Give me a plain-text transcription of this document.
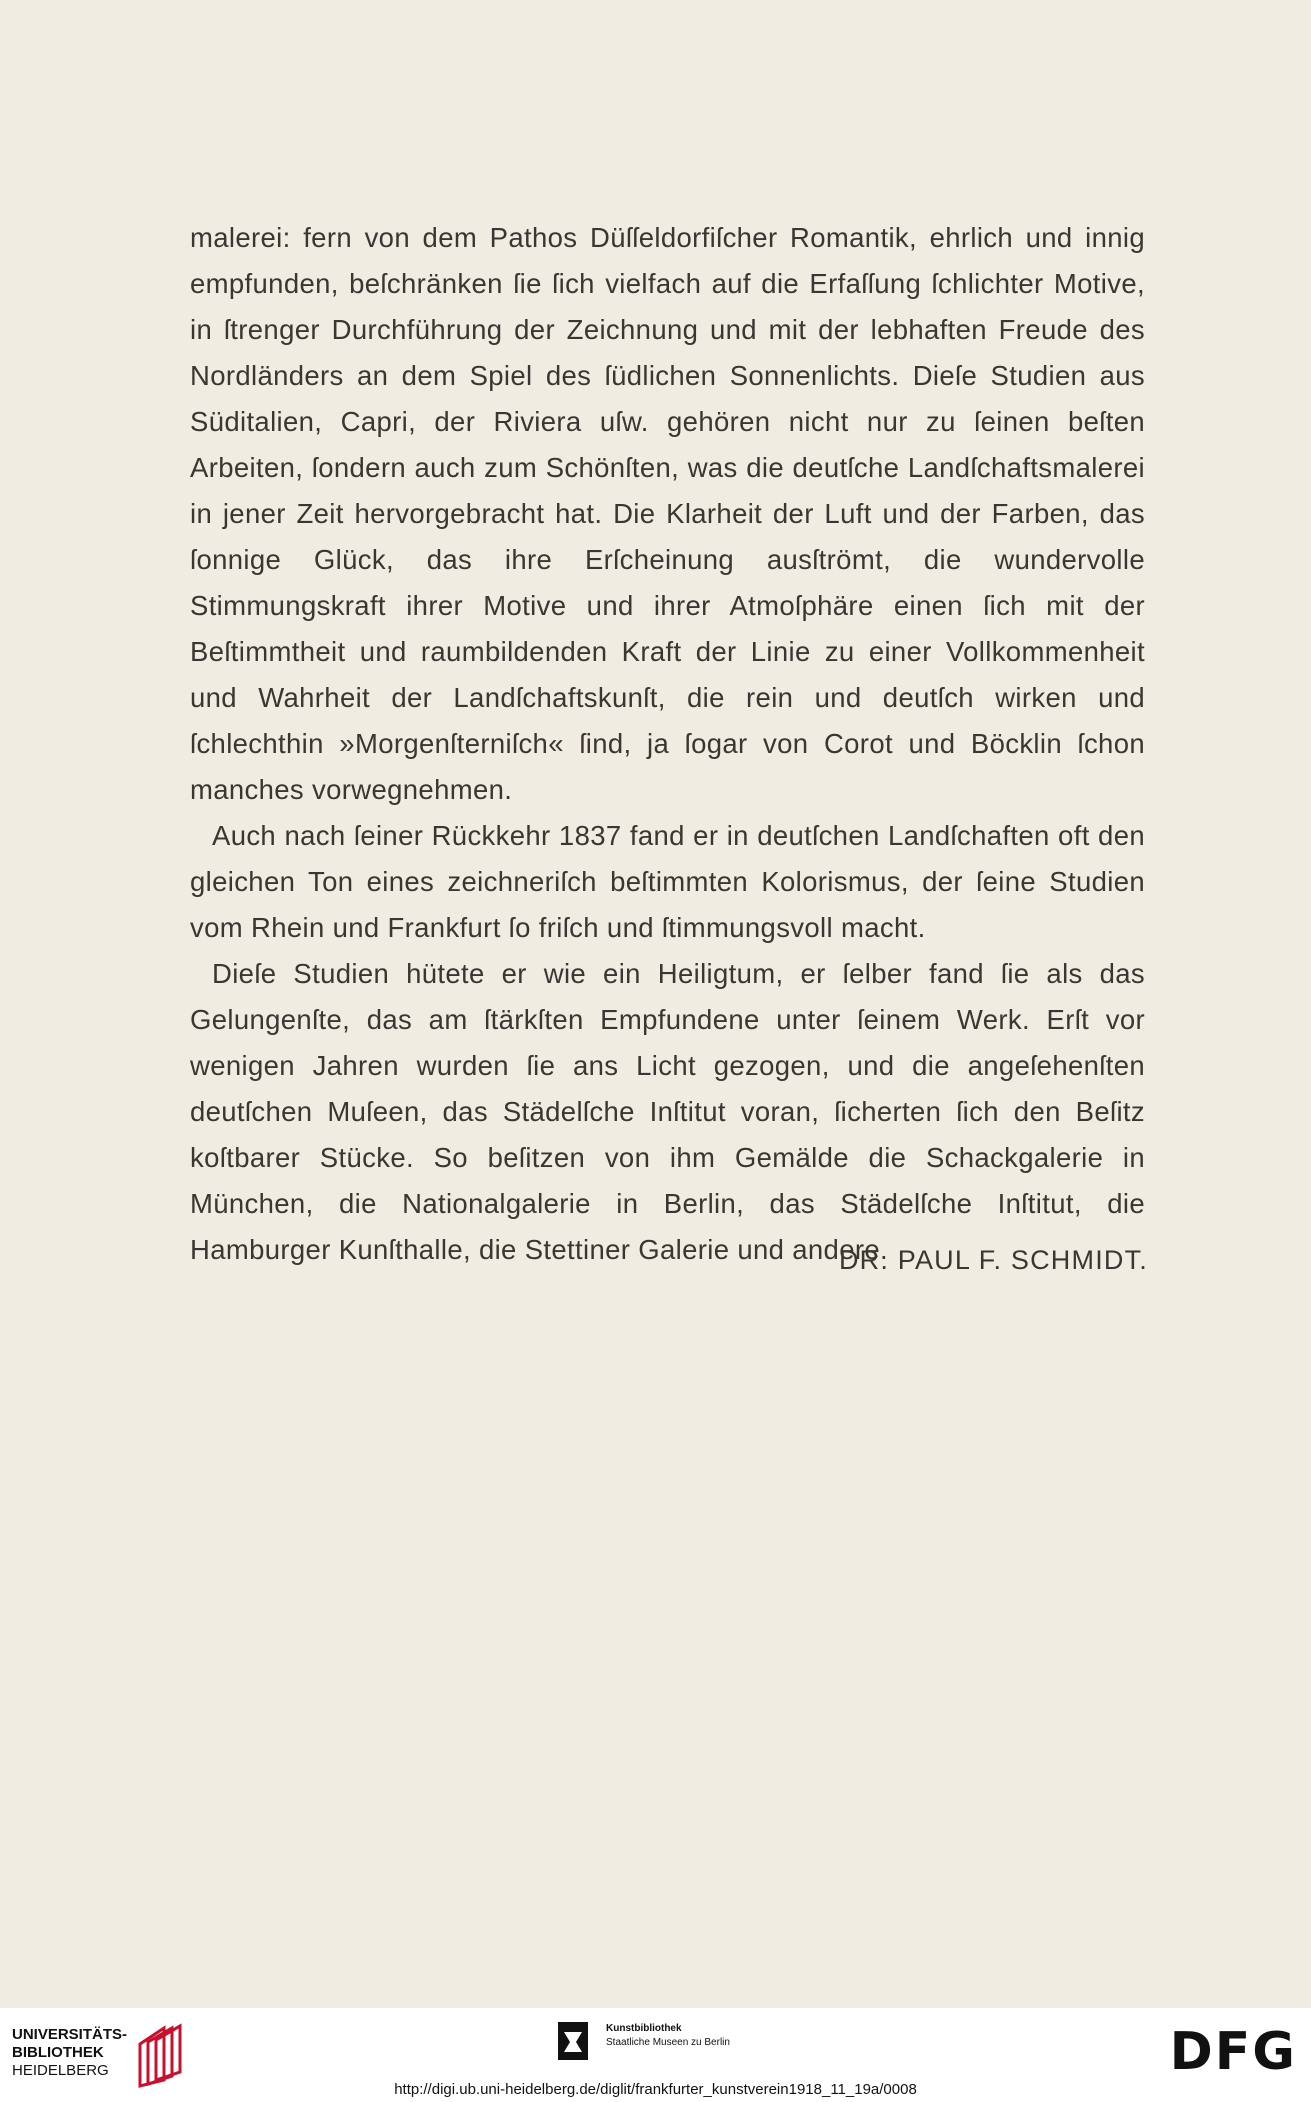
malerei: fern von dem Pathos Düſſeldorfiſcher Romantik, ehrlich und innig empfunden, beſchränken ſie ſich vielfach auf die Erfaſſung ſchlichter Motive, in ſtrenger Durchführung der Zeichnung und mit der lebhaften Freude des Nordländers an dem Spiel des ſüdlichen Sonnenlichts. Dieſe Studien aus Süditalien, Capri, der Riviera uſw. gehören nicht nur zu ſeinen beſten Arbeiten, ſondern auch zum Schönſten, was die deutſche Landſchaftsmalerei in jener Zeit hervorgebracht hat. Die Klarheit der Luft und der Farben, das ſonnige Glück, das ihre Erſcheinung ausſtrömt, die wundervolle Stimmungskraft ihrer Motive und ihrer Atmoſphäre einen ſich mit der Beſtimmtheit und raumbildenden Kraft der Linie zu einer Vollkommenheit und Wahrheit der Landſchaftskunſt, die rein und deutſch wirken und ſchlechthin »Morgenſterniſch« ſind, ja ſogar von Corot und Böcklin ſchon manches vorwegnehmen.

Auch nach ſeiner Rückkehr 1837 fand er in deutſchen Landſchaften oft den gleichen Ton eines zeichneriſch beſtimmten Kolorismus, der ſeine Studien vom Rhein und Frankfurt ſo friſch und ſtimmungsvoll macht.

Dieſe Studien hütete er wie ein Heiligtum, er ſelber fand ſie als das Gelungenſte, das am ſtärkſten Empfundene unter ſeinem Werk. Erſt vor wenigen Jahren wurden ſie ans Licht gezogen, und die angeſehenſten deutſchen Muſeen, das Städelſche Inſtitut voran, ſicherten ſich den Beſitz koſtbarer Stücke. So beſitzen von ihm Gemälde die Schackgalerie in München, die Nationalgalerie in Berlin, das Städelſche Inſtitut, die Hamburger Kunſthalle, die Stettiner Galerie und andere.

DR. PAUL F. SCHMIDT.
UNIVERSITÄTS-
BIBLIOTHEK
HEIDELBERG
Kunstbibliothek
Staatliche Museen zu Berlin	DFG
http://digi.ub.uni-heidelberg.de/diglit/frankfurter_kunstverein1918_11_19a/0008
